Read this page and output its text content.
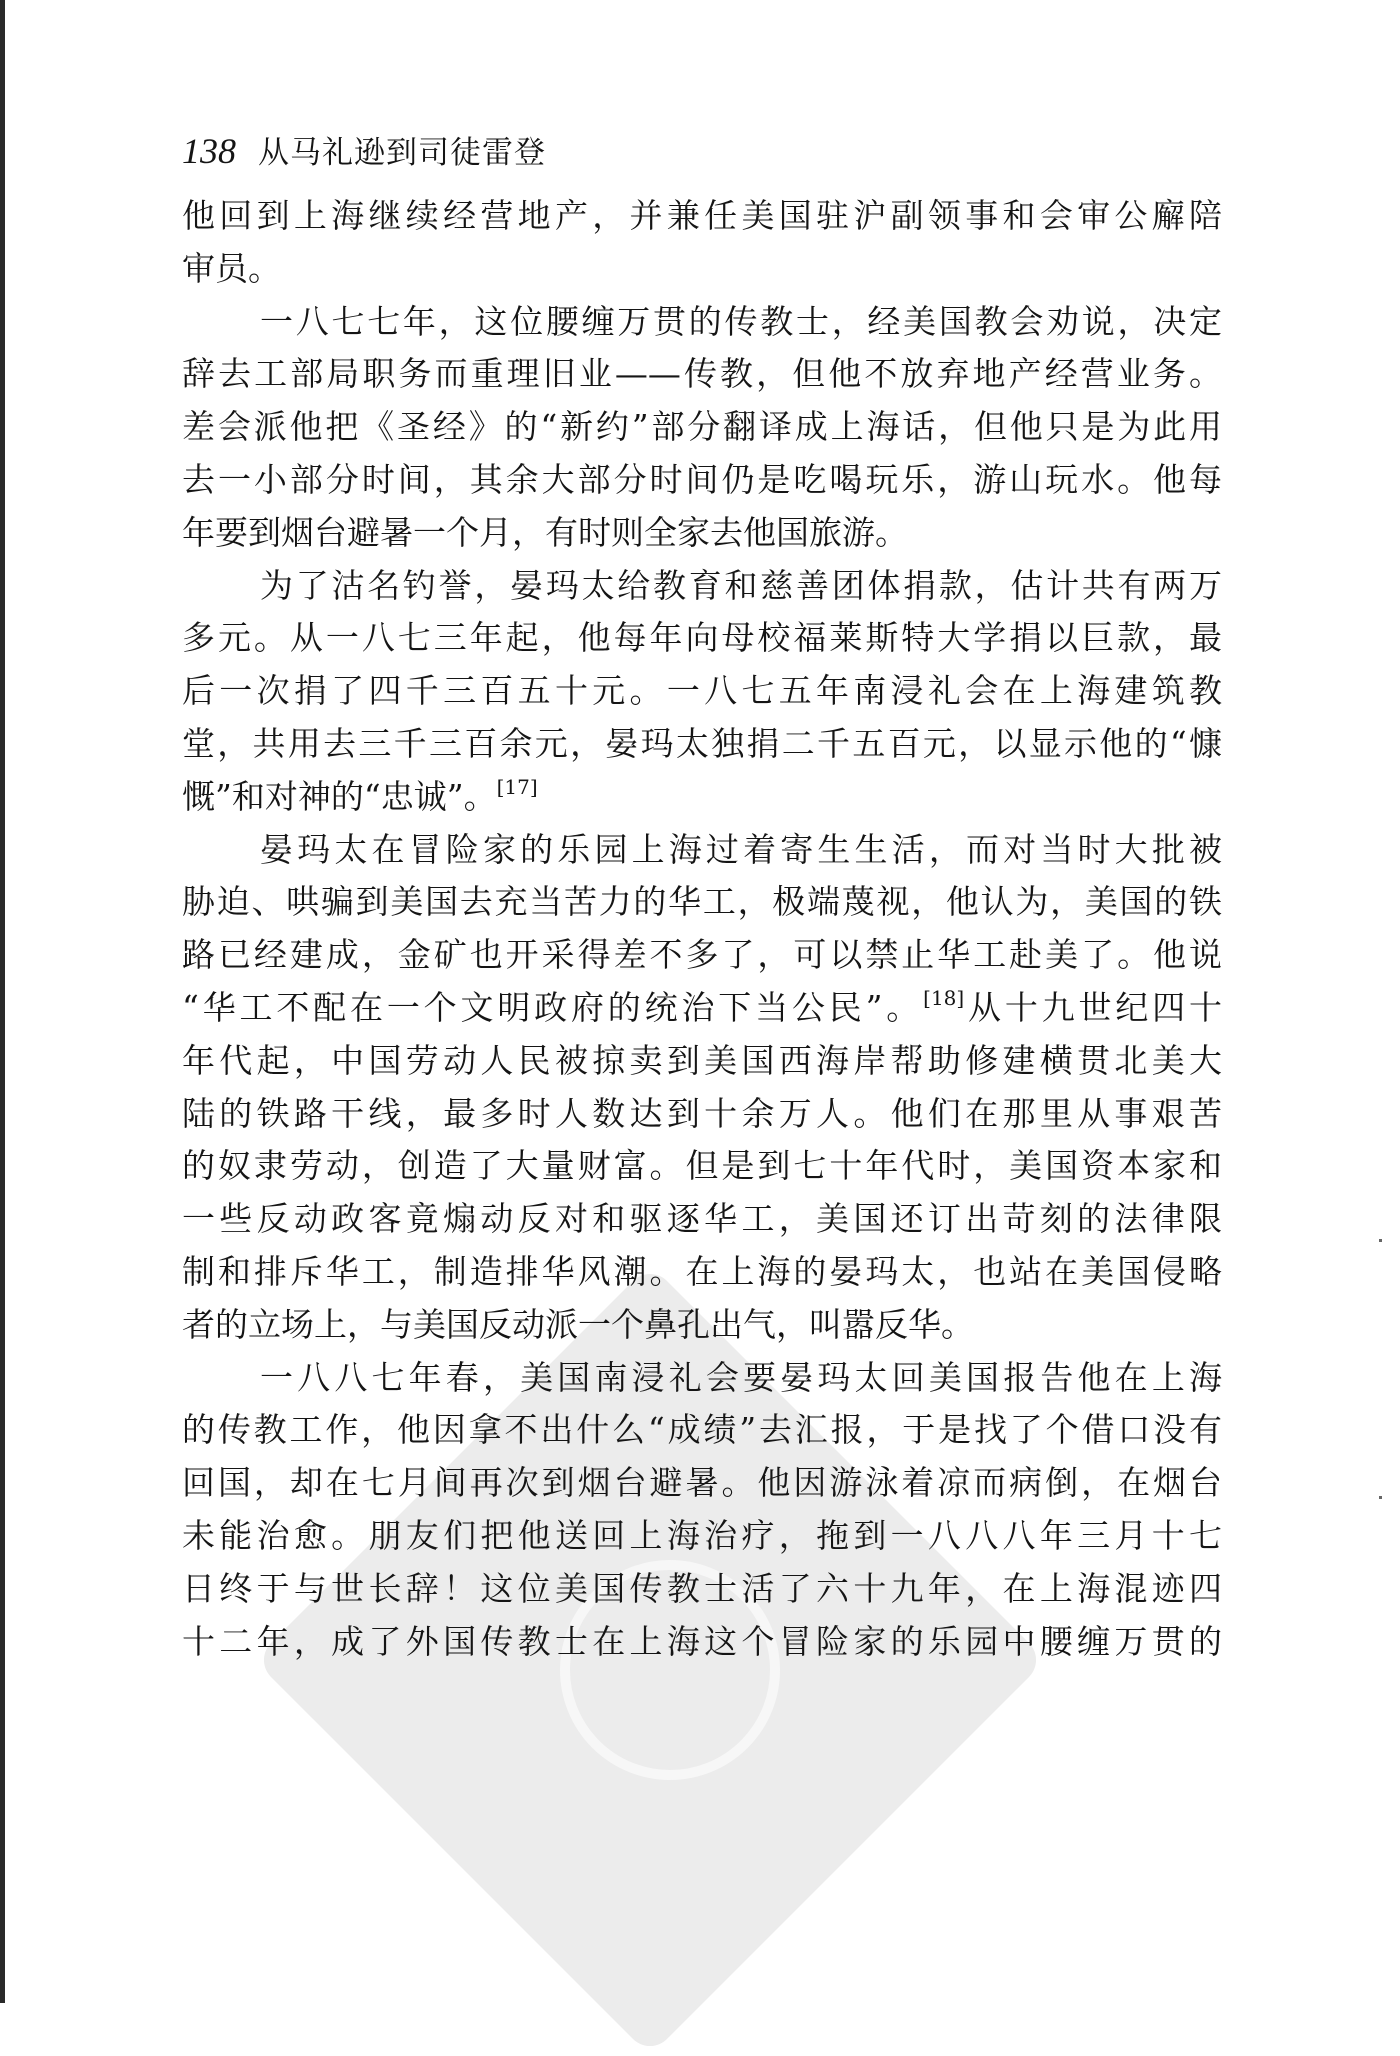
138 从马礼逊到司徒雷登
他回到上海继续经营地产，并兼任美国驻沪副领事和会审公廨陪
审员。
一八七七年，这位腰缠万贯的传教士，经美国教会劝说，决定
辞去工部局职务而重理旧业——传教，但他不放弃地产经营业务。
差会派他把《圣经》的“新约”部分翻译成上海话，但他只是为此用
去一小部分时间，其余大部分时间仍是吃喝玩乐，游山玩水。他每
年要到烟台避暑一个月，有时则全家去他国旅游。
为了沽名钓誉，晏玛太给教育和慈善团体捐款，估计共有两万
多元。从一八七三年起，他每年向母校福莱斯特大学捐以巨款，最
后一次捐了四千三百五十元。一八七五年南浸礼会在上海建筑教
堂，共用去三千三百余元，晏玛太独捐二千五百元，以显示他的“慷
慨”和对神的“忠诚”。[17]
晏玛太在冒险家的乐园上海过着寄生生活，而对当时大批被
胁迫、哄骗到美国去充当苦力的华工，极端蔑视，他认为，美国的铁
路已经建成，金矿也开采得差不多了，可以禁止华工赴美了。他说
“华工不配在一个文明政府的统治下当公民”。[18]从十九世纪四十
年代起，中国劳动人民被掠卖到美国西海岸帮助修建横贯北美大
陆的铁路干线，最多时人数达到十余万人。他们在那里从事艰苦
的奴隶劳动，创造了大量财富。但是到七十年代时，美国资本家和
一些反动政客竟煽动反对和驱逐华工，美国还订出苛刻的法律限
制和排斥华工，制造排华风潮。在上海的晏玛太，也站在美国侵略
者的立场上，与美国反动派一个鼻孔出气，叫嚣反华。
一八八七年春，美国南浸礼会要晏玛太回美国报告他在上海
的传教工作，他因拿不出什么“成绩”去汇报，于是找了个借口没有
回国，却在七月间再次到烟台避暑。他因游泳着凉而病倒，在烟台
未能治愈。朋友们把他送回上海治疗，拖到一八八八年三月十七
日终于与世长辞！这位美国传教士活了六十九年，在上海混迹四
十二年，成了外国传教士在上海这个冒险家的乐园中腰缠万贯的
